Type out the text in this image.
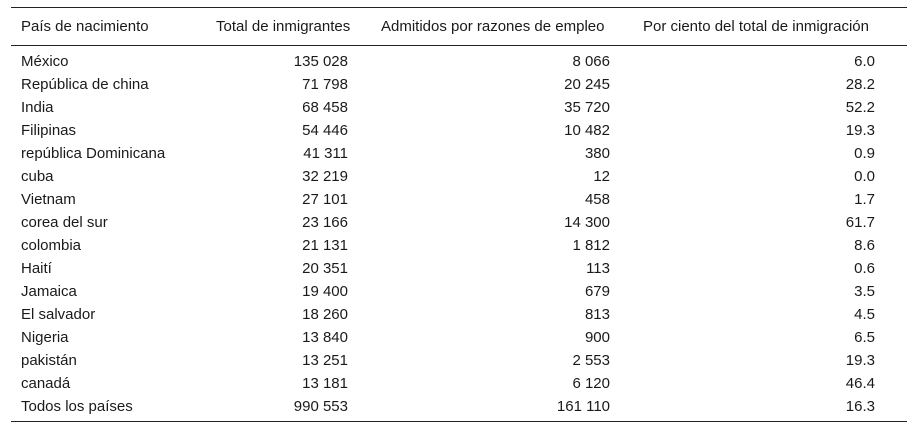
País de nacimiento	Total de inmigrantes	Admitidos por razones de empleo	Por ciento del total de inmigración
México	135 028	8 066	6.0
República de china	71 798	20 245	28.2
India	68 458	35 720	52.2
Filipinas	54 446	10 482	19.3
república Dominicana	41 311	380	0.9
cuba	32 219	12	0.0
Vietnam	27 101	458	1.7
corea del sur	23 166	14 300	61.7
colombia	21 131	1 812	8.6
Haití	20 351	113	0.6
Jamaica	19 400	679	3.5
El salvador	18 260	813	4.5
Nigeria	13 840	900	6.5
pakistán	13 251	2 553	19.3
canadá	13 181	6 120	46.4
Todos los países	990 553	161 110	16.3
